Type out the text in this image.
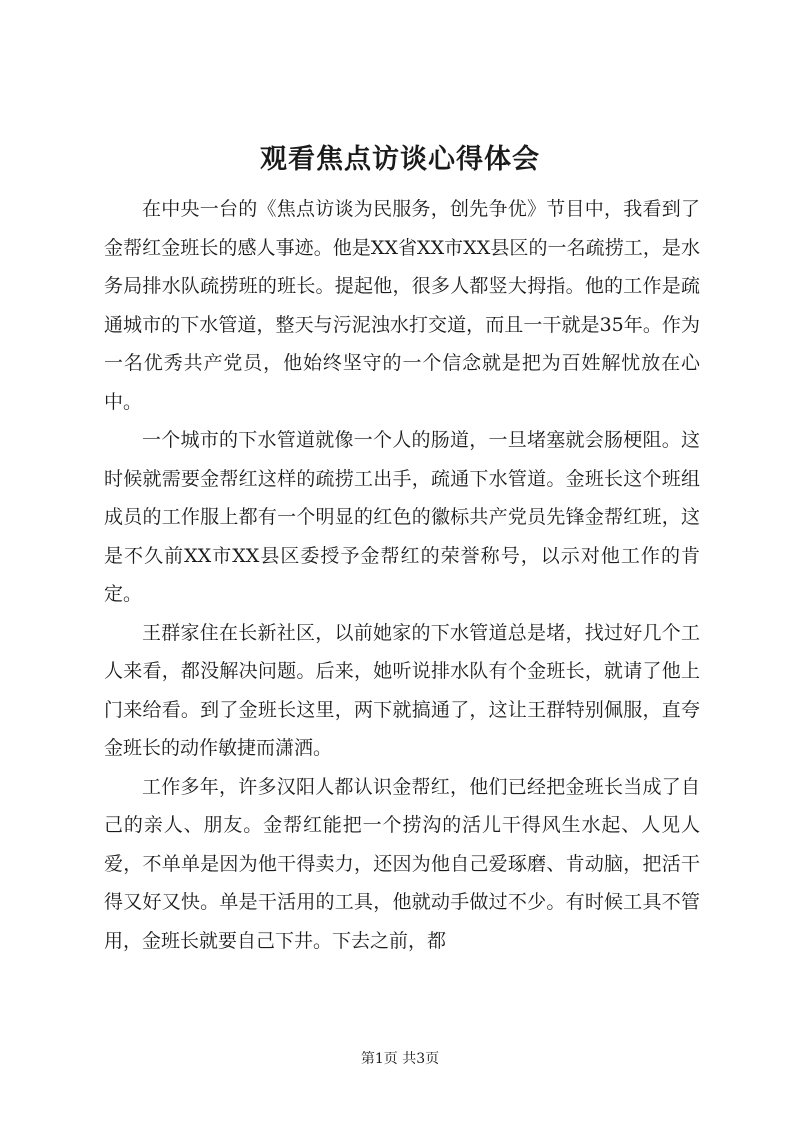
观看焦点访谈心得体会

在中央一台的《焦点访谈为民服务，创先争优》节目中，我看到了金帮红金班长的感人事迹。他是XX省XX市XX县区的一名疏捞工，是水务局排水队疏捞班的班长。提起他，很多人都竖大拇指。他的工作是疏通城市的下水管道，整天与污泥浊水打交道，而且一干就是35年。作为一名优秀共产党员，他始终坚守的一个信念就是把为百姓解忧放在心中。

一个城市的下水管道就像一个人的肠道，一旦堵塞就会肠梗阻。这时候就需要金帮红这样的疏捞工出手，疏通下水管道。金班长这个班组成员的工作服上都有一个明显的红色的徽标共产党员先锋金帮红班，这是不久前XX市XX县区委授予金帮红的荣誉称号，以示对他工作的肯定。

王群家住在长新社区，以前她家的下水管道总是堵，找过好几个工人来看，都没解决问题。后来，她听说排水队有个金班长，就请了他上门来给看。到了金班长这里，两下就搞通了，这让王群特别佩服，直夸金班长的动作敏捷而潇洒。

工作多年，许多汉阳人都认识金帮红，他们已经把金班长当成了自己的亲人、朋友。金帮红能把一个捞沟的活儿干得风生水起、人见人爱，不单单是因为他干得卖力，还因为他自己爱琢磨、肯动脑，把活干得又好又快。单是干活用的工具，他就动手做过不少。有时候工具不管用，金班长就要自己下井。下去之前，都

第1页 共3页
